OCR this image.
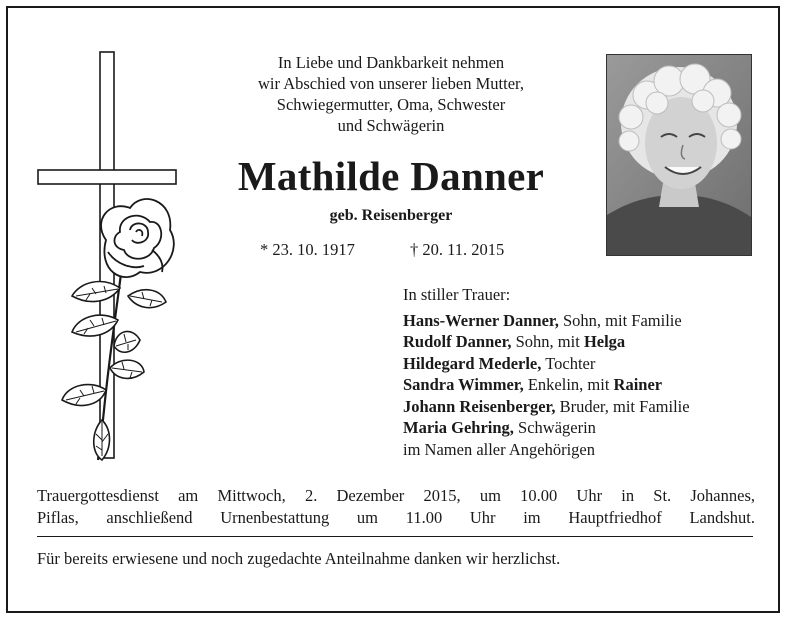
In Liebe und Dankbarkeit nehmen
wir Abschied von unserer lieben Mutter,
Schwiegermutter, Oma, Schwester
und Schwägerin
Mathilde Danner
geb. Reisenberger
* 23. 10. 1917	† 20. 11. 2015
In stiller Trauer:
Hans-Werner Danner, Sohn, mit Familie
Rudolf Danner, Sohn, mit Helga
Hildegard Mederle, Tochter
Sandra Wimmer, Enkelin, mit Rainer
Johann Reisenberger, Bruder, mit Familie
Maria Gehring, Schwägerin
im Namen aller Angehörigen
Trauergottesdienst am Mittwoch, 2. Dezember 2015, um 10.00 Uhr in St. Johannes,
Piflas, anschließend Urnenbestattung um 11.00 Uhr im Hauptfriedhof Landshut.
Für bereits erwiesene und noch zugedachte Anteilnahme danken wir herzlichst.
